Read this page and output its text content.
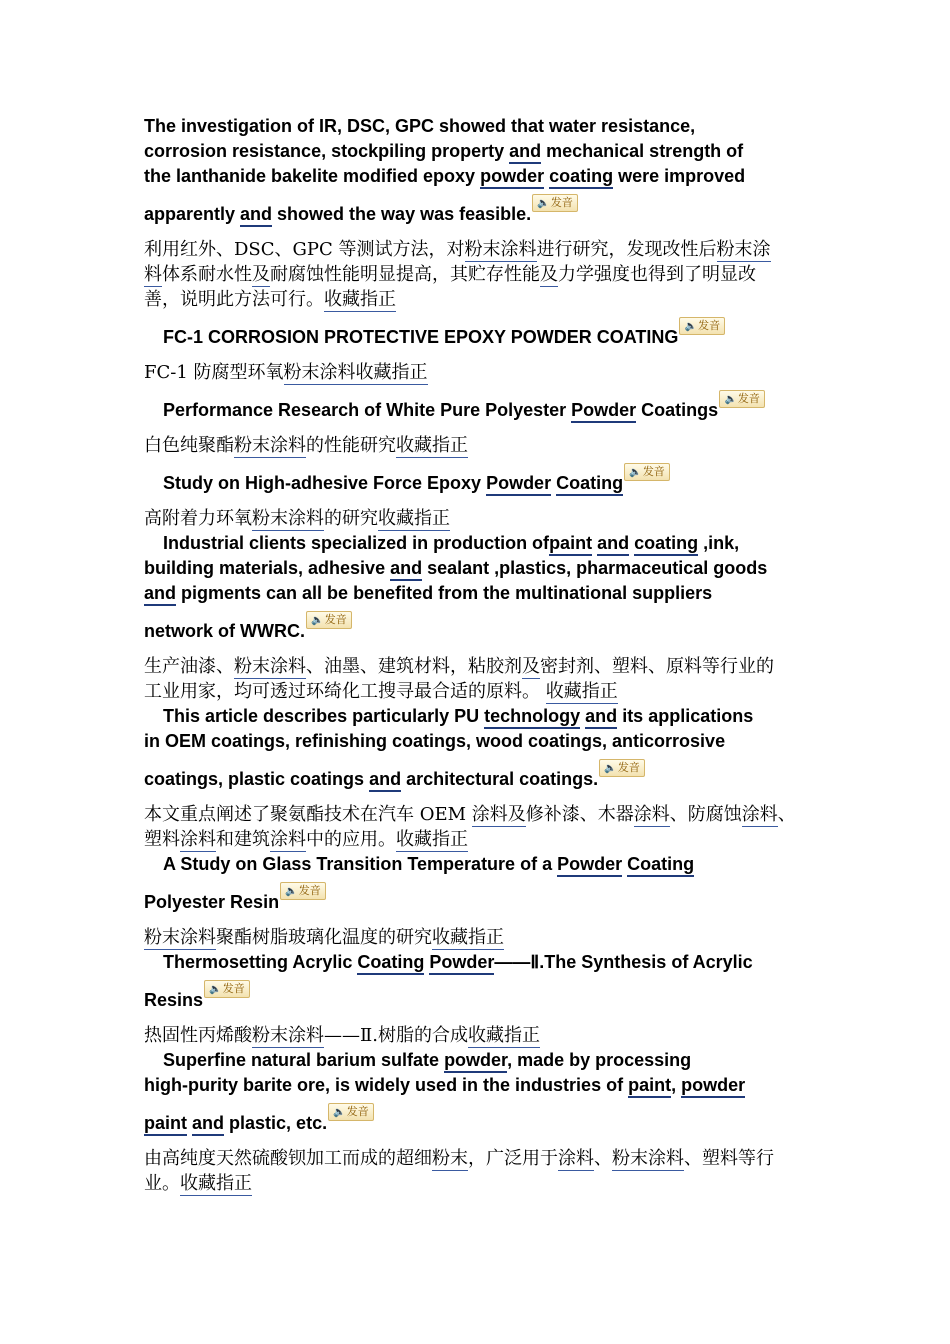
The investigation of IR, DSC, GPC showed that water resistance,
corrosion resistance, stockpiling property and mechanical strength of
the lanthanide bakelite modified epoxy powder coating were improved

apparently and showed the way was feasible.🔈发音

利用红外、DSC、GPC 等测试方法，对粉末涂料进行研究，发现改性后粉末涂
料体系耐水性及耐腐蚀性能明显提高，其贮存性能及力学强度也得到了明显改
善，说明此方法可行。收藏指正

FC-1 CORROSION PROTECTIVE EPOXY POWDER COATING🔈发音

FC-1 防腐型环氧粉末涂料收藏指正

Performance Research of White Pure Polyester Powder Coatings🔈发音

白色纯聚酯粉末涂料的性能研究收藏指正

Study on High-adhesive Force Epoxy Powder Coating🔈发音

高附着力环氧粉末涂料的研究收藏指正

Industrial clients specialized in production ofpaint and coating ,ink,
building materials, adhesive and sealant ,plastics, pharmaceutical goods
and pigments can all be benefited from the multinational suppliers

network of WWRC.🔈发音

生产油漆、粉末涂料、油墨、建筑材料，粘胶剂及密封剂、塑料、原料等行业的
工业用家，均可透过环绮化工搜寻最合适的原料。 收藏指正

This article describes particularly PU technology and its applications
in OEM coatings, refinishing coatings, wood coatings, anticorrosive

coatings, plastic coatings and architectural coatings.🔈发音

本文重点阐述了聚氨酯技术在汽车 OEM 涂料及修补漆、木器涂料、防腐蚀涂料、
塑料涂料和建筑涂料中的应用。收藏指正

A Study on Glass Transition Temperature of a Powder Coating

Polyester Resin🔈发音

粉末涂料聚酯树脂玻璃化温度的研究收藏指正

Thermosetting Acrylic Coating Powder——Ⅱ.The Synthesis of Acrylic

Resins🔈发音

热固性丙烯酸粉末涂料——Ⅱ.树脂的合成收藏指正

Superfine natural barium sulfate powder, made by processing
high-purity barite ore, is widely used in the industries of paint, powder

paint and plastic, etc.🔈发音

由高纯度天然硫酸钡加工而成的超细粉末，广泛用于涂料、粉末涂料、塑料等行
业。收藏指正
